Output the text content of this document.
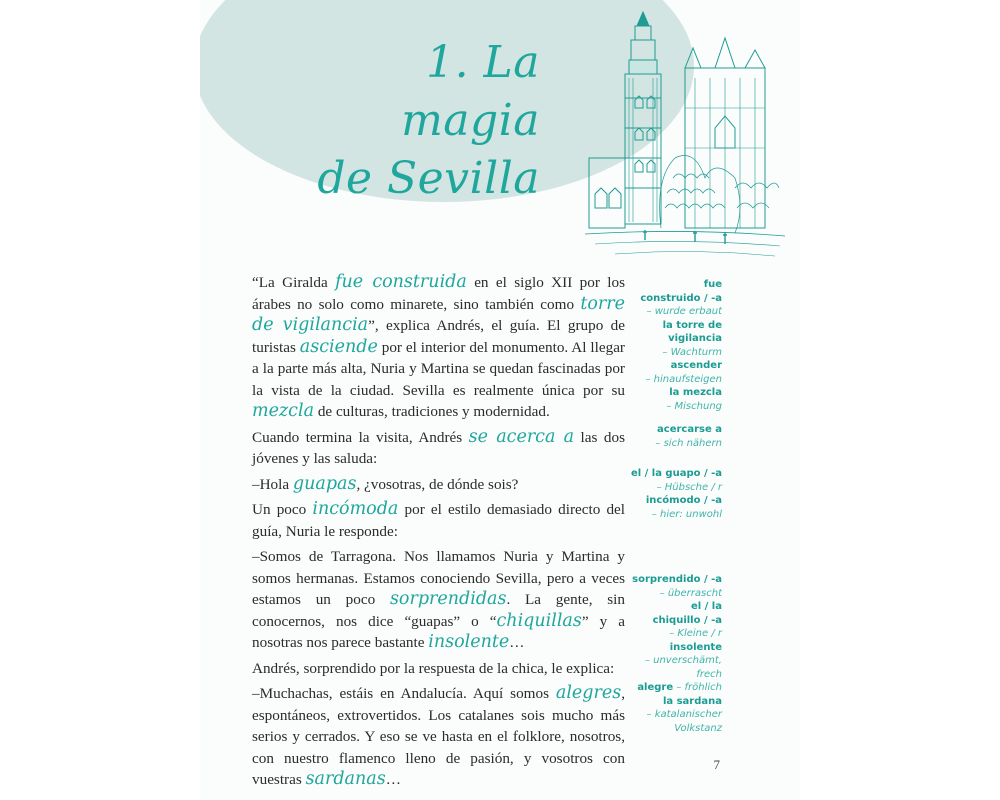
1. La magia
de Sevilla

“La Giralda fue construida en el siglo XII por los árabes no solo como minarete, sino también como torre de vigilancia”, explica Andrés, el guía. El grupo de turistas asciende por el interior del monumento. Al llegar a la parte más alta, Nuria y Martina se quedan fascinadas por la vista de la ciudad. Sevilla es realmente única por su mezcla de culturas, tradiciones y modernidad.

Cuando termina la visita, Andrés se acerca a las dos jóvenes y las saluda:

–Hola guapas, ¿vosotras, de dónde sois?

Un poco incómoda por el estilo demasiado directo del guía, Nuria le responde:

–Somos de Tarragona. Nos llamamos Nuria y Martina y somos hermanas. Estamos conociendo Sevilla, pero a veces estamos un poco sorprendidas. La gente, sin conocernos, nos dice “guapas” o “chiquillas” y a nosotras nos parece bastante insolente…

Andrés, sorprendido por la respuesta de la chica, le explica:

–Muchachas, estáis en Andalucía. Aquí somos alegres, espontáneos, extrovertidos. Los catalanes sois mucho más serios y cerrados. Y eso se ve hasta en el folklore, nosotros, con nuestro flamenco lleno de pasión, y vosotros con vuestras sardanas…

fue
construido / -a
– wurde erbaut
la torre de
vigilancia
– Wachturm
ascender
– hinaufsteigen
la mezcla
– Mischung
acercarse a
– sich nähern
el / la guapo / -a
– Hübsche / r
incómodo / -a
– hier: unwohl
sorprendido / -a
– überrascht
el / la
chiquillo / -a
– Kleine / r
insolente
– unverschämt,
frech
alegre – fröhlich
la sardana
– katalanischer
Volkstanz
7
